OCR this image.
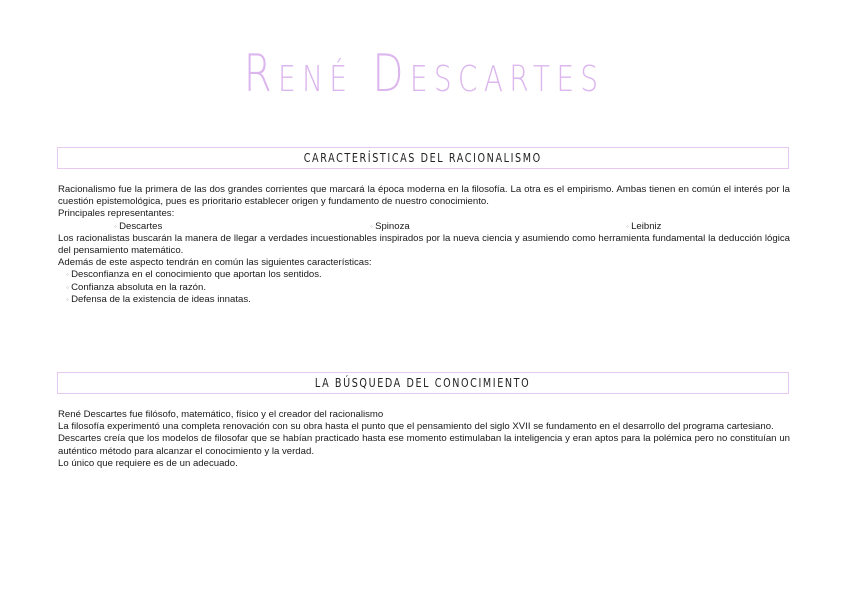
René Descartes
CARACTERÍSTICAS DEL RACIONALISMO

Racionalismo fue la primera de las dos grandes corrientes que marcará la época moderna en la filosofía. La otra es el empirismo. Ambas tienen en común el interés por la cuestión epistemológica, pues es prioritario establecer origen y fundamento de nuestro conocimiento.

Principales representantes:

◦ Descartes	◦ Spinoza	◦ Leibniz

Los racionalistas buscarán la manera de llegar a verdades incuestionables inspirados por la nueva ciencia y asumiendo como herramienta fundamental la deducción lógica del pensamiento matemático.

Además de este aspecto tendrán en común las siguientes características:

◦ Desconfianza en el conocimiento que aportan los sentidos.
◦ Confianza absoluta en la razón.
◦ Defensa de la existencia de ideas innatas.
LA BÚSQUEDA DEL CONOCIMIENTO

René Descartes fue filósofo, matemático, físico y el creador del racionalismo

La filosofía experimentó una completa renovación con su obra hasta el punto que el pensamiento del siglo XVII se fundamento en el desarrollo del programa cartesiano.

Descartes creía que los modelos de filosofar que se habían practicado hasta ese momento estimulaban la inteligencia y eran aptos para la polémica pero no constituían un auténtico método para alcanzar el conocimiento y la verdad.

Lo único que requiere es de un adecuado.
